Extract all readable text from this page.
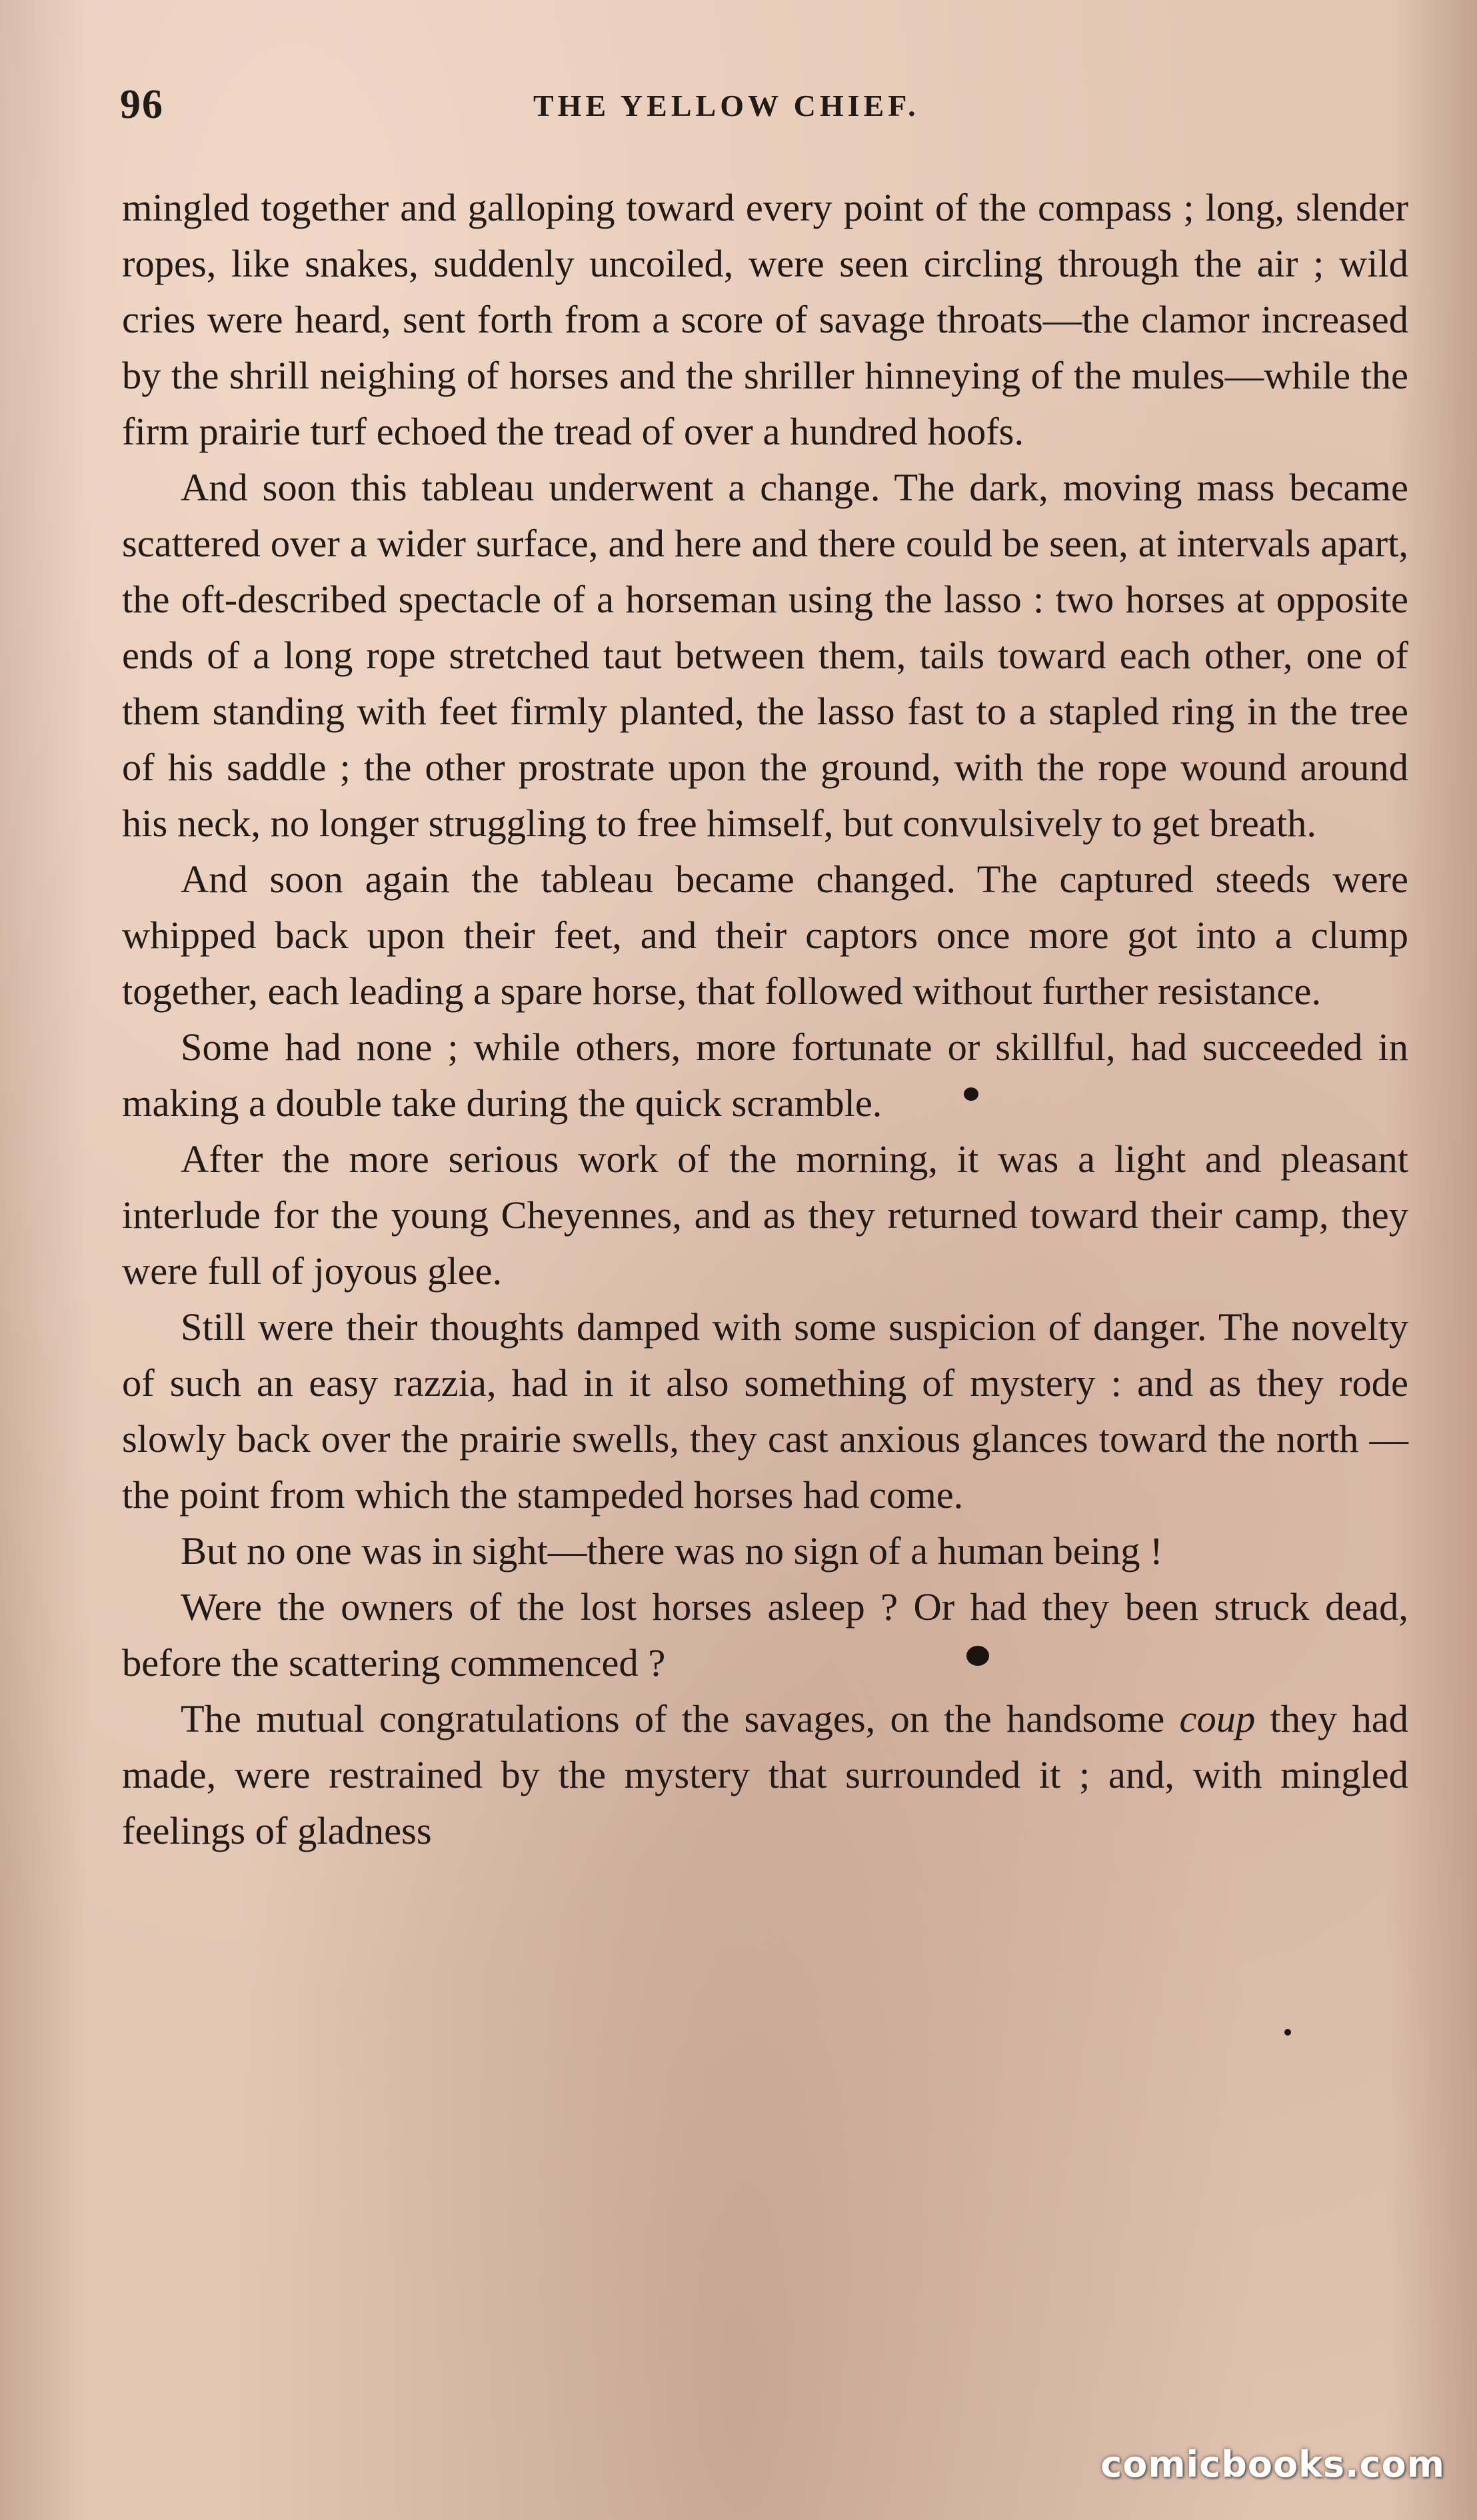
96	THE YELLOW CHIEF.

mingled together and galloping toward every point of the compass ; long, slender ropes, like snakes, suddenly uncoiled, were seen circling through the air ; wild cries were heard, sent forth from a score of savage throats—the clamor increased by the shrill neighing of horses and the shriller hinneying of the mules—while the firm prairie turf echoed the tread of over a hundred hoofs.

And soon this tableau underwent a change. The dark, moving mass became scattered over a wider surface, and here and there could be seen, at intervals apart, the oft-described spectacle of a horseman using the lasso : two horses at opposite ends of a long rope stretched taut between them, tails toward each other, one of them standing with feet firmly planted, the lasso fast to a stapled ring in the tree of his saddle ; the other prostrate upon the ground, with the rope wound around his neck, no longer struggling to free himself, but convulsively to get breath.

And soon again the tableau became changed. The captured steeds were whipped back upon their feet, and their captors once more got into a clump together, each leading a spare horse, that followed without further resistance.

Some had none ; while others, more fortunate or skillful, had succeeded in making a double take during the quick scramble.

After the more serious work of the morning, it was a light and pleasant interlude for the young Cheyennes, and as they returned toward their camp, they were full of joyous glee.

Still were their thoughts damped with some suspicion of danger. The novelty of such an easy razzia, had in it also something of mystery : and as they rode slowly back over the prairie swells, they cast anxious glances toward the north —the point from which the stampeded horses had come.

But no one was in sight—there was no sign of a human being !

Were the owners of the lost horses asleep ? Or had they been struck dead, before the scattering commenced ?

The mutual congratulations of the savages, on the handsome coup they had made, were restrained by the mystery that surrounded it ; and, with mingled feelings of gladness

comicbooks.com
